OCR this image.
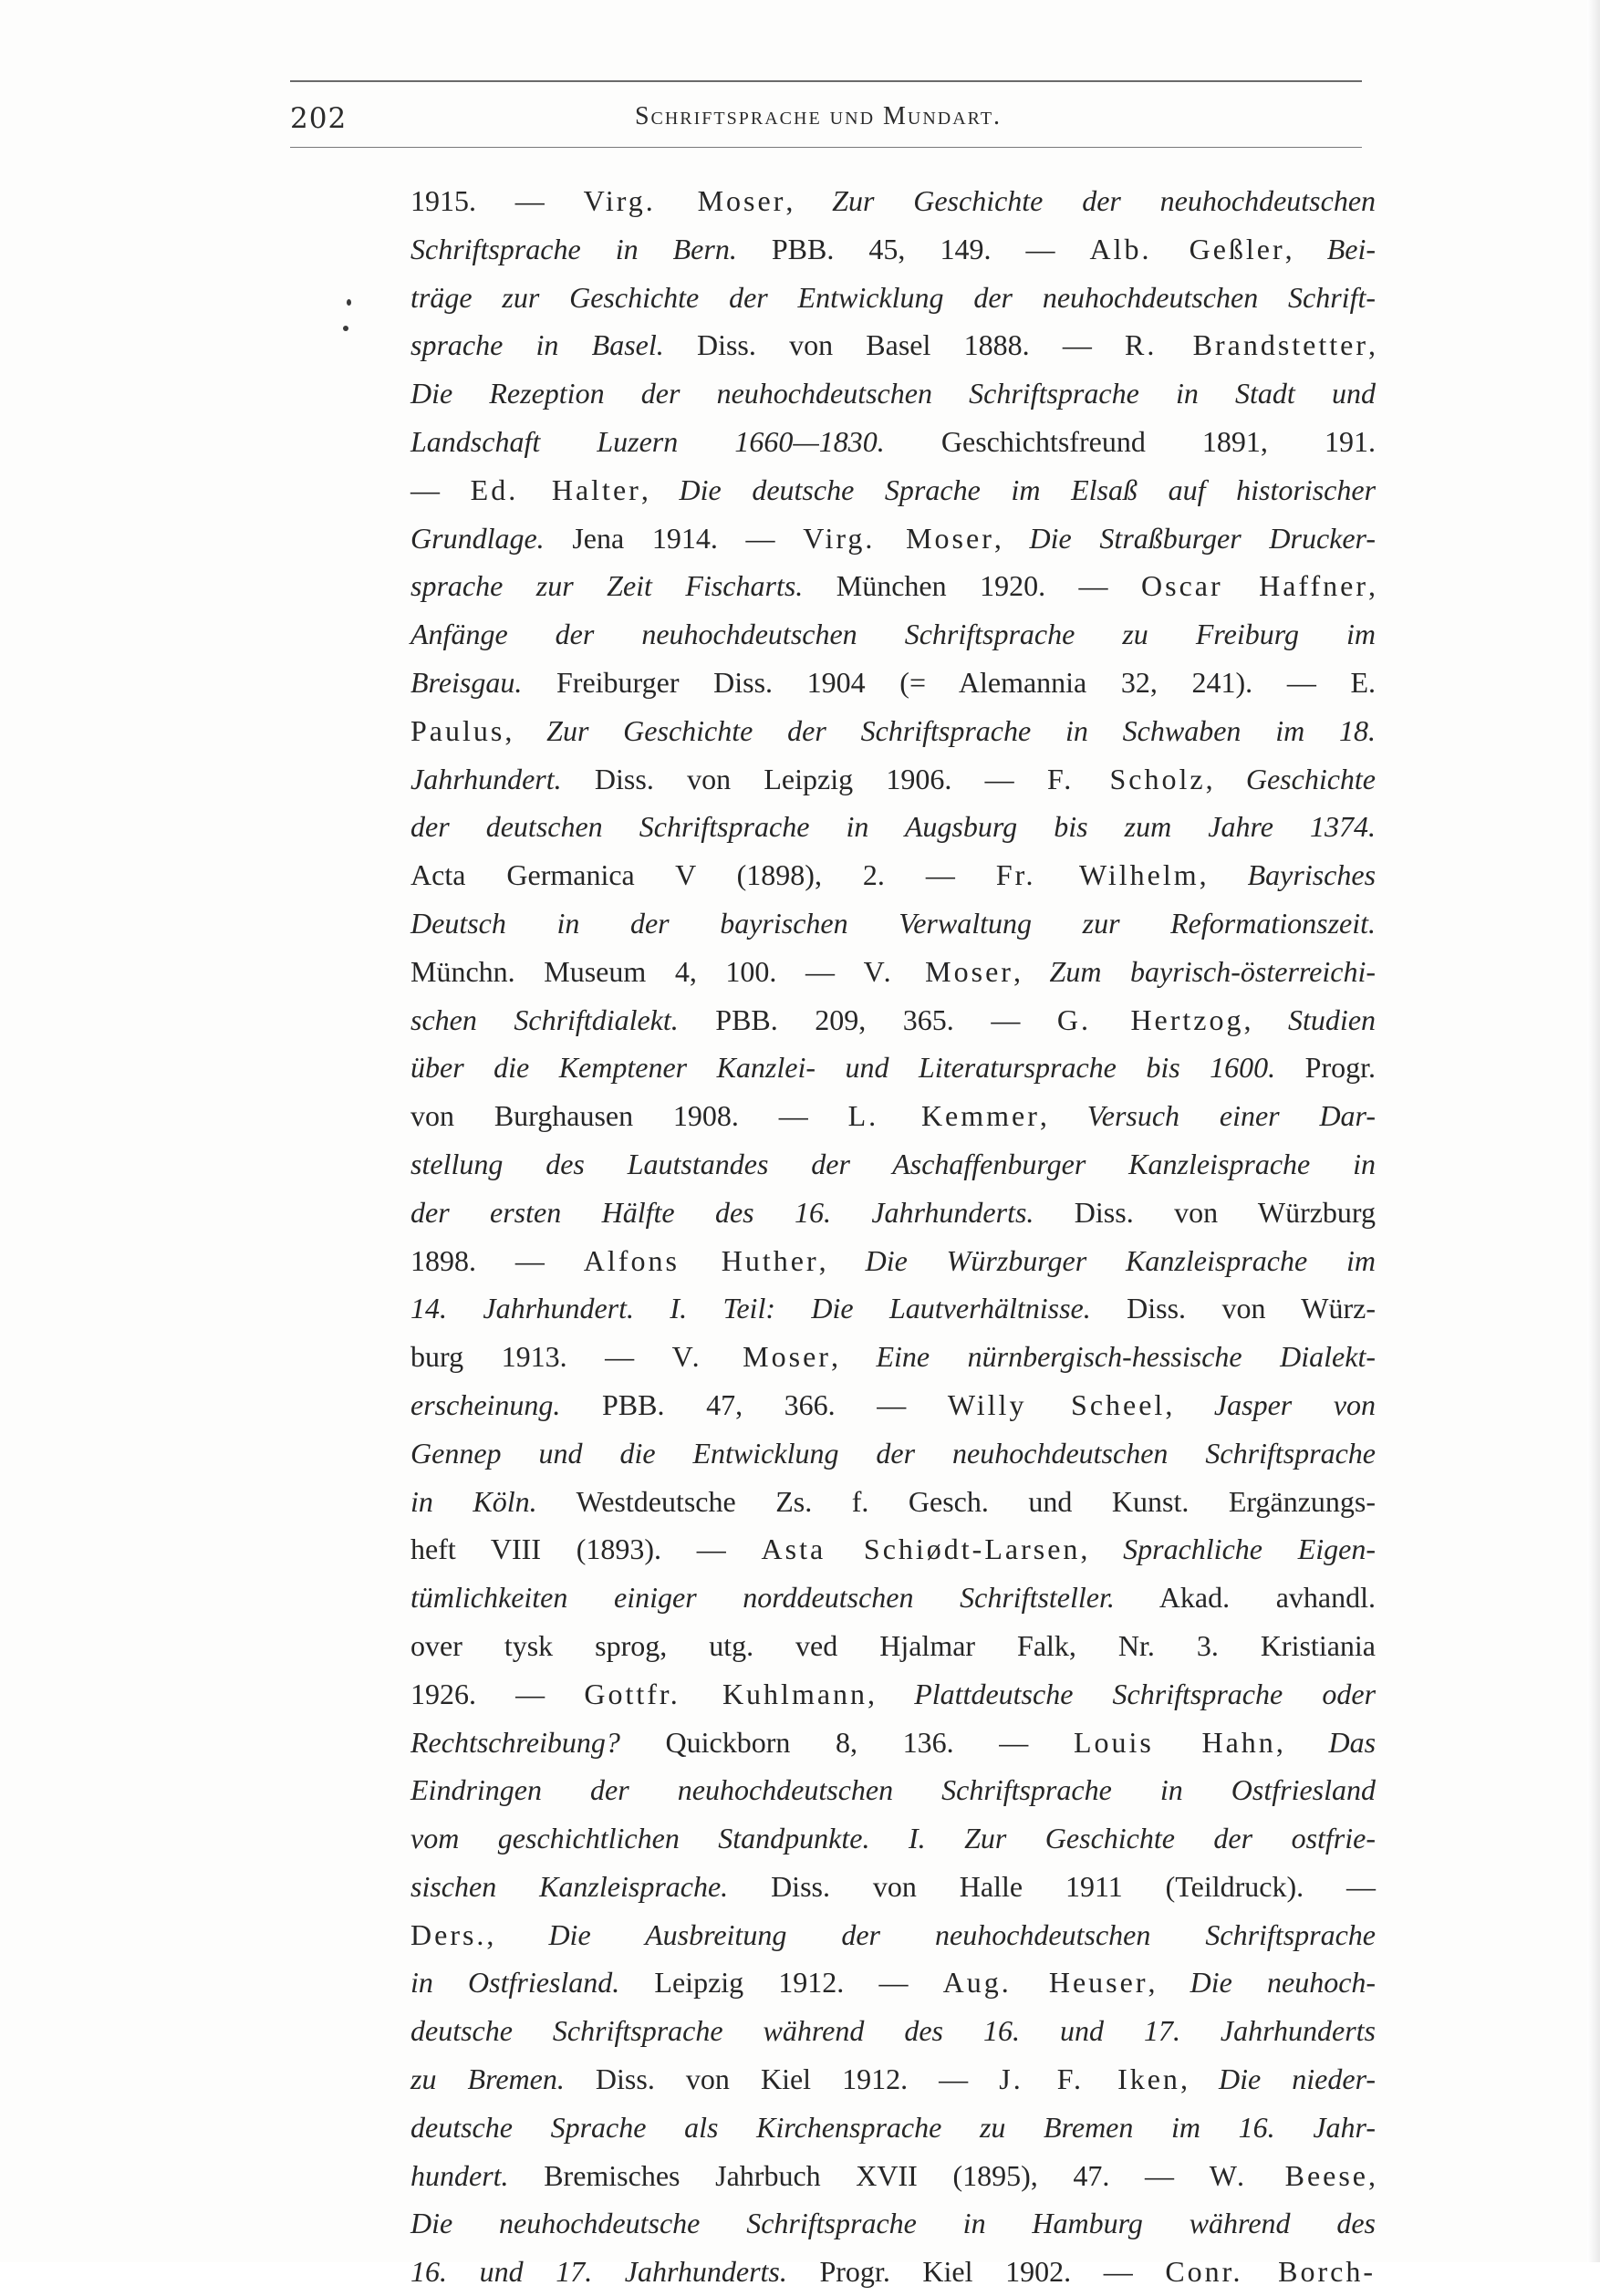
202	Schriftsprache und Mundart.
1915. — Virg. Moser, Zur Geschichte der neuhochdeutschen
Schriftsprache in Bern. PBB. 45, 149. — Alb. Geßler, Bei-
träge zur Geschichte der Entwicklung der neuhochdeutschen Schrift-
sprache in Basel. Diss. von Basel 1888. — R. Brandstetter,
Die Rezeption der neuhochdeutschen Schriftsprache in Stadt und
Landschaft Luzern 1660—1830. Geschichtsfreund 1891, 191.
— Ed. Halter, Die deutsche Sprache im Elsaß auf historischer
Grundlage. Jena 1914. — Virg. Moser, Die Straßburger Drucker-
sprache zur Zeit Fischarts. München 1920. — Oscar Haffner,
Anfänge der neuhochdeutschen Schriftsprache zu Freiburg im
Breisgau. Freiburger Diss. 1904 (= Alemannia 32, 241). — E.
Paulus, Zur Geschichte der Schriftsprache in Schwaben im 18.
Jahrhundert. Diss. von Leipzig 1906. — F. Scholz, Geschichte
der deutschen Schriftsprache in Augsburg bis zum Jahre 1374.
Acta Germanica V (1898), 2. — Fr. Wilhelm, Bayrisches
Deutsch in der bayrischen Verwaltung zur Reformationszeit.
Münchn. Museum 4, 100. — V. Moser, Zum bayrisch-österreichi-
schen Schriftdialekt. PBB. 209, 365. — G. Hertzog, Studien
über die Kemptener Kanzlei- und Literatursprache bis 1600. Progr.
von Burghausen 1908. — L. Kemmer, Versuch einer Dar-
stellung des Lautstandes der Aschaffenburger Kanzleisprache in
der ersten Hälfte des 16. Jahrhunderts. Diss. von Würzburg
1898. — Alfons Huther, Die Würzburger Kanzleisprache im
14. Jahrhundert. I. Teil: Die Lautverhältnisse. Diss. von Würz-
burg 1913. — V. Moser, Eine nürnbergisch-hessische Dialekt-
erscheinung. PBB. 47, 366. — Willy Scheel, Jasper von
Gennep und die Entwicklung der neuhochdeutschen Schriftsprache
in Köln. Westdeutsche Zs. f. Gesch. und Kunst. Ergänzungs-
heft VIII (1893). — Asta Schiødt-Larsen, Sprachliche Eigen-
tümlichkeiten einiger norddeutschen Schriftsteller. Akad. avhandl.
over tysk sprog, utg. ved Hjalmar Falk, Nr. 3. Kristiania
1926. — Gottfr. Kuhlmann, Plattdeutsche Schriftsprache oder
Rechtschreibung? Quickborn 8, 136. — Louis Hahn, Das
Eindringen der neuhochdeutschen Schriftsprache in Ostfriesland
vom geschichtlichen Standpunkte. I. Zur Geschichte der ostfrie-
sischen Kanzleisprache. Diss. von Halle 1911 (Teildruck). —
Ders., Die Ausbreitung der neuhochdeutschen Schriftsprache
in Ostfriesland. Leipzig 1912. — Aug. Heuser, Die neuhoch-
deutsche Schriftsprache während des 16. und 17. Jahrhunderts
zu Bremen. Diss. von Kiel 1912. — J. F. Iken, Die nieder-
deutsche Sprache als Kirchensprache zu Bremen im 16. Jahr-
hundert. Bremisches Jahrbuch XVII (1895), 47. — W. Beese,
Die neuhochdeutsche Schriftsprache in Hamburg während des
16. und 17. Jahrhunderts. Progr. Kiel 1902. — Conr. Borch-
